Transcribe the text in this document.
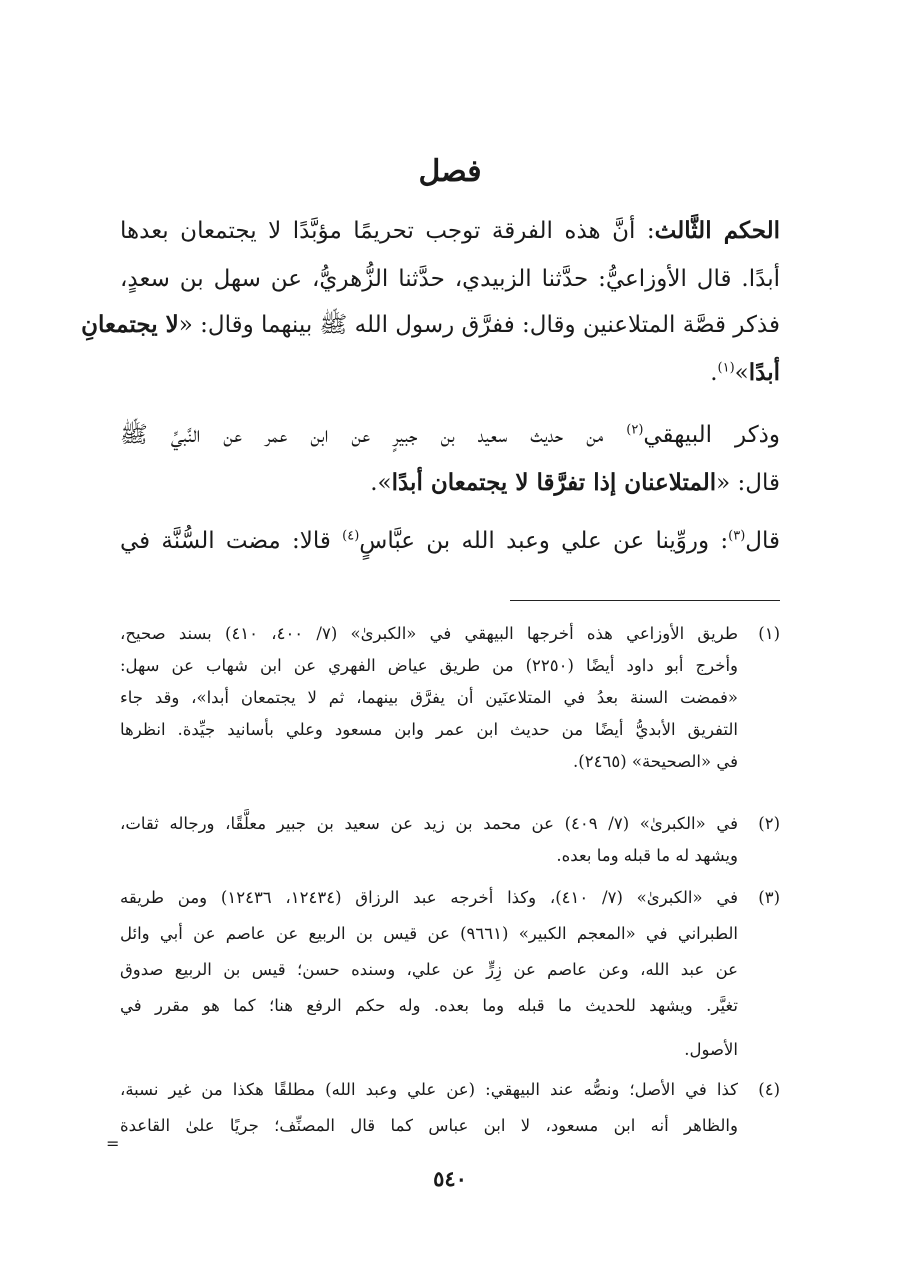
فصل
الحكم الثَّالث: أنَّ هذه الفرقة توجب تحريمًا مؤبَّدًا لا يجتمعان بعدها
أبدًا. قال الأوزاعيُّ: حدَّثنا الزبيدي، حدَّثنا الزُّهريُّ، عن سهل بن سعدٍ،
فذكر قصَّة المتلاعنين وقال: ففرَّق رسول الله ﷺ بينهما وقال: «لا يجتمعانِ
أبدًا»$^{(١)}$.
وذكر البيهقي$^{(٢)}$ من حديث سعيد بن جبيرٍ عن ابن عمر عن النَّبيِّ ﷺ
قال: «المتلاعنان إذا تفرَّقا لا يجتمعان أبدًا».
قال$^{(٣)}$: وروِّينا عن علي وعبد الله بن عبَّاسٍ$^{(٤)}$ قالا: مضت السُّنَّة في
(١)
طريق الأوزاعي هذه أخرجها البيهقي في «الكبرىٰ» (٧/ ٤٠٠، ٤١٠) بسند صحيح،
وأخرج أبو داود أيضًا (٢٢٥٠) من طريق عياض الفهري عن ابن شهاب عن سهل:
«فمضت السنة بعدُ في المتلاعنَين أن يفرَّق بينهما، ثم لا يجتمعان أبدا»، وقد جاء
التفريق الأبديُّ أيضًا من حديث ابن عمر وابن مسعود وعلي بأسانيد جيِّدة. انظرها
في «الصحيحة» (٢٤٦٥).
(٢)
في «الكبرىٰ» (٧/ ٤٠٩) عن محمد بن زيد عن سعيد بن جبير معلَّقًا، ورجاله ثقات،
ويشهد له ما قبله وما بعده.
(٣)
في «الكبرىٰ» (٧/ ٤١٠)، وكذا أخرجه عبد الرزاق (١٢٤٣٤، ١٢٤٣٦) ومن طريقه
الطبراني في «المعجم الكبير» (٩٦٦١) عن قيس بن الربيع عن عاصم عن أبي وائل
عن عبد الله، وعن عاصم عن زِرٍّ عن علي، وسنده حسن؛ قيس بن الربيع صدوق
تغيَّر. ويشهد للحديث ما قبله وما بعده. وله حكم الرفع هنا؛ كما هو مقرر في
الأصول.
(٤)
كذا في الأصل؛ ونصُّه عند البيهقي: (عن علي وعبد الله) مطلقًا هكذا من غير نسبة،
والظاهر أنه ابن مسعود، لا ابن عباس كما قال المصنِّف؛ جريًا علىٰ القاعدة
=
٥٤٠
